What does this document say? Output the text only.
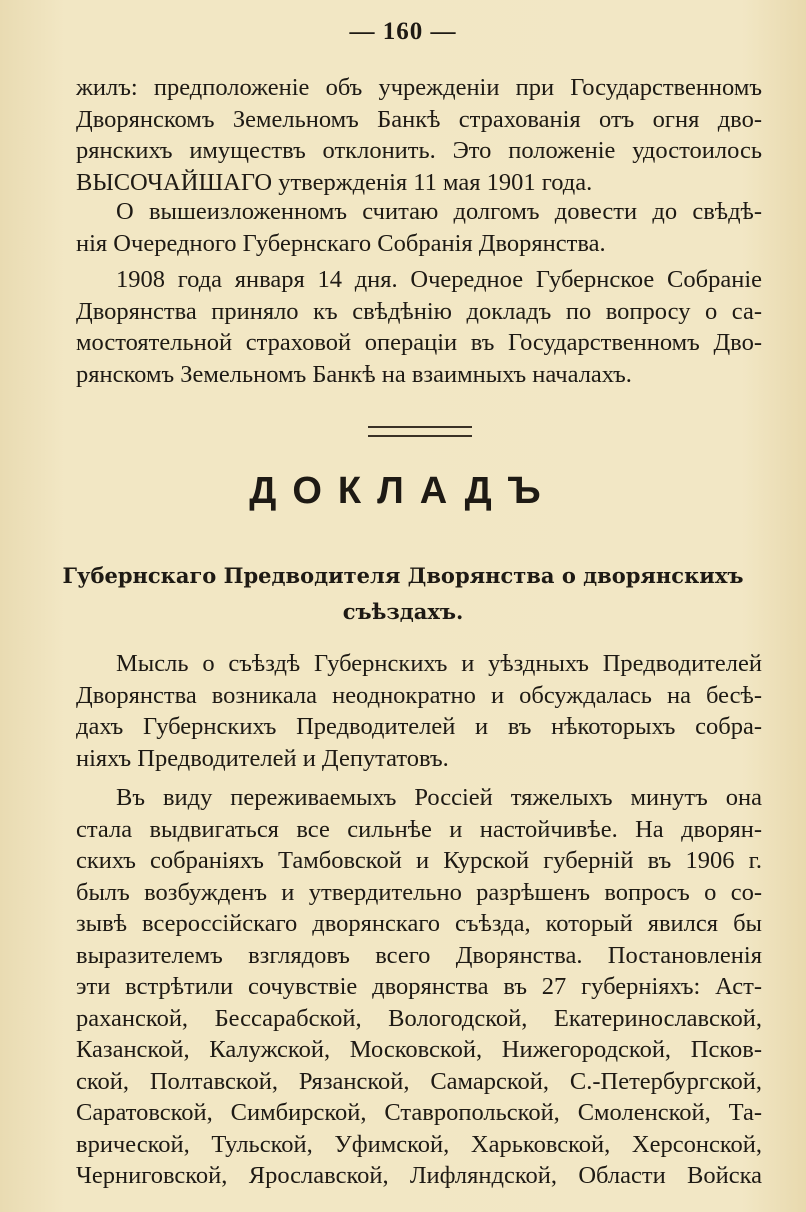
— 160 —
жилъ: предположеніе объ учрежденіи при Государственномъ
Дворянскомъ Земельномъ Банкѣ страхованія отъ огня дво-
рянскихъ имуществъ отклонить. Это положеніе удостоилось
ВЫСОЧАЙШАГО утвержденія 11 мая 1901 года.
О вышеизложенномъ считаю долгомъ довести до свѣдѣ-
нія Очередного Губернскаго Собранія Дворянства.
1908 года января 14 дня. Очередное Губернское Собраніе
Дворянства приняло къ свѣдѣнію докладъ по вопросу о са-
мостоятельной страховой операціи въ Государственномъ Дво-
рянскомъ Земельномъ Банкѣ на взаимныхъ началахъ.
ДОКЛАДЪ
Губернскаго Предводителя Дворянства о дворянскихъ
съѣздахъ.
Мысль о съѣздѣ Губернскихъ и уѣздныхъ Предводителей
Дворянства возникала неоднократно и обсуждалась на бесѣ-
дахъ Губернскихъ Предводителей и въ нѣкоторыхъ собра-
ніяхъ Предводителей и Депутатовъ.
Въ виду переживаемыхъ Россіей тяжелыхъ минутъ она
стала выдвигаться все сильнѣе и настойчивѣе. На дворян-
скихъ собраніяхъ Тамбовской и Курской губерній въ 1906 г.
былъ возбужденъ и утвердительно разрѣшенъ вопросъ о со-
зывѣ всероссійскаго дворянскаго съѣзда, который явился бы
выразителемъ взглядовъ всего Дворянства. Постановленія
эти встрѣтили сочувствіе дворянства въ 27 губерніяхъ: Аст-
раханской, Бессарабской, Вологодской, Екатеринославской,
Казанской, Калужской, Московской, Нижегородской, Псков-
ской, Полтавской, Рязанской, Самарской, С.-Петербургской,
Саратовской, Симбирской, Ставропольской, Смоленской, Та-
врической, Тульской, Уфимской, Харьковской, Херсонской,
Черниговской, Ярославской, Лифляндской, Области Войска
